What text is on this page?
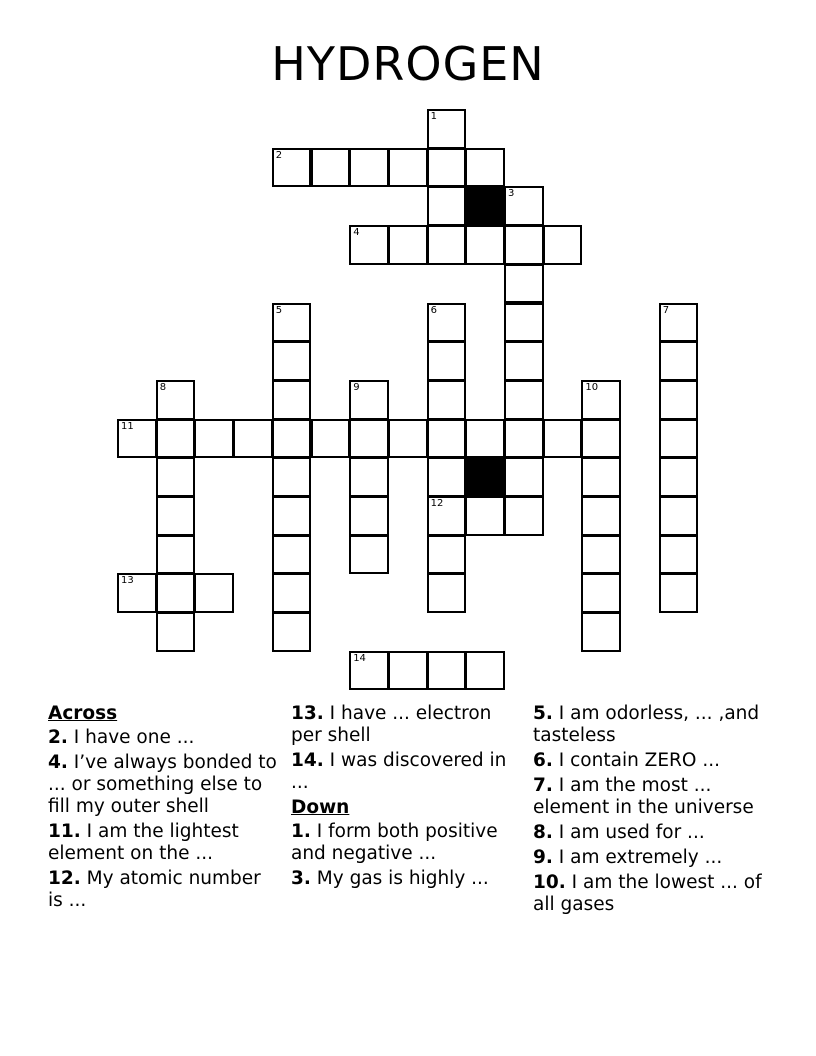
HYDROGEN
1
2
3
4
5	6
12
7
8	9	10
11
13
14
Across
2. I have one ...
4. I’ve always bonded to ... or something else to fill my outer shell
11. I am the lightest element on the ...
12. My atomic number is ...
13. I have ... electron per shell
14. I was discovered in ...
Down
1. I form both positive and negative ...
3. My gas is highly ...
5. I am odorless, ... ,and tasteless
6. I contain ZERO ...
7. I am the most ... element in the universe
8. I am used for ...
9. I am extremely ...
10. I am the lowest ... of all gases
